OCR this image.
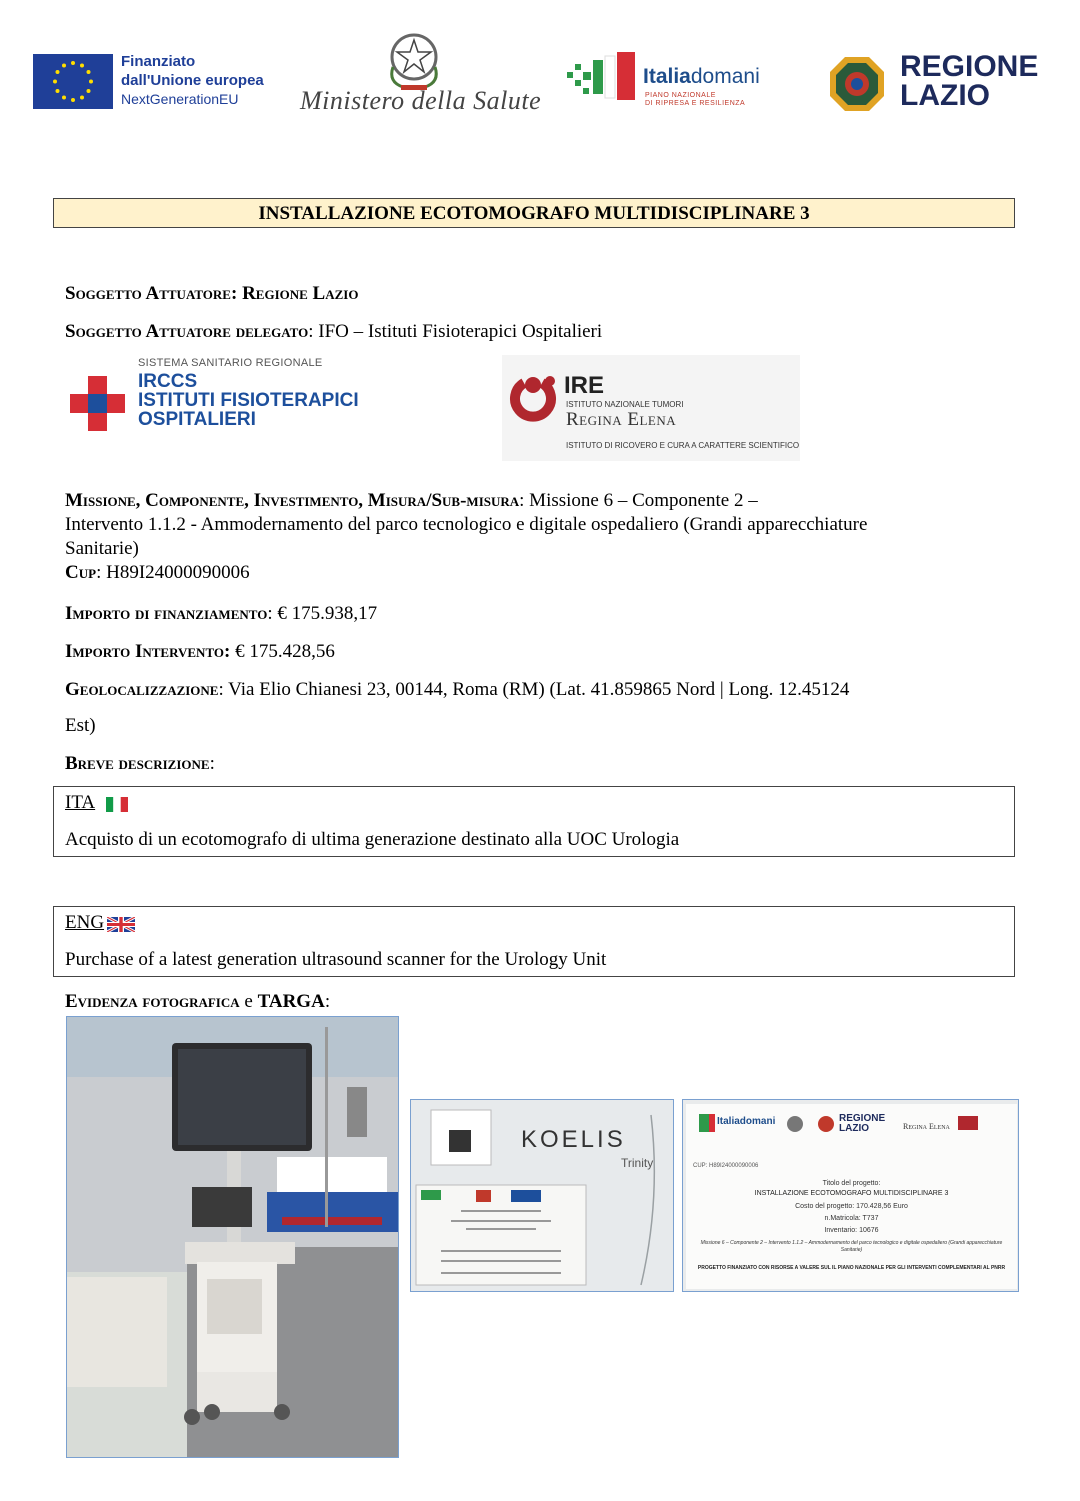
Finanziato
dall'Unione europea
NextGenerationEU	Ministero della Salute
Italiadomani
PIANO NAZIONALE
DI RIPRESA E RESILIENZA
REGIONE
LAZIO
INSTALLAZIONE ECOTOMOGRAFO MULTIDISCIPLINARE 3
Soggetto Attuatore: Regione Lazio
Soggetto Attuatore delegato: IFO – Istituti Fisioterapici Ospitalieri
SISTEMA SANITARIO REGIONALE
IRCCS
ISTITUTI FISIOTERAPICI
OSPITALIERI
IRE
ISTITUTO NAZIONALE TUMORI
Regina Elena
ISTITUTO DI RICOVERO E CURA A CARATTERE SCIENTIFICO
Missione, Componente, Investimento, Misura/Sub-misura: Missione 6 – Componente 2 –
Intervento 1.1.2 - Ammodernamento del parco tecnologico e digitale ospedaliero (Grandi apparecchiature
Sanitarie)
Cup: H89I24000090006
Importo di finanziamento: € 175.938,17
Importo Intervento: € 175.428,56
Geolocalizzazione: Via Elio Chianesi 23, 00144, Roma (RM) (Lat. 41.859865 Nord | Long. 12.45124
Est)
Breve descrizione:
ITA
Acquisto di un ecotomografo di ultima generazione destinato alla UOC Urologia
ENG
Purchase of a latest generation ultrasound scanner for the Urology Unit
Evidenza fotografica e TARGA:
KOELIS
Trinity
Italiadomani	REGIONE
LAZIO	Regina Elena
CUP: H89I24000090006
Titolo del progetto:
INSTALLAZIONE ECOTOMOGRAFO MULTIDISCIPLINARE 3
Costo del progetto: 170.428,56 Euro
n.Matricola: T737
Inventario: 10676
Missione 6 – Componente 2 – Intervento 1.1.2 – Ammodernamento del parco tecnologico e digitale ospedaliero (Grandi apparecchiature Sanitarie)
PROGETTO FINANZIATO CON RISORSE A VALERE SUL IL PIANO NAZIONALE PER GLI INTERVENTI COMPLEMENTARI AL PNRR
